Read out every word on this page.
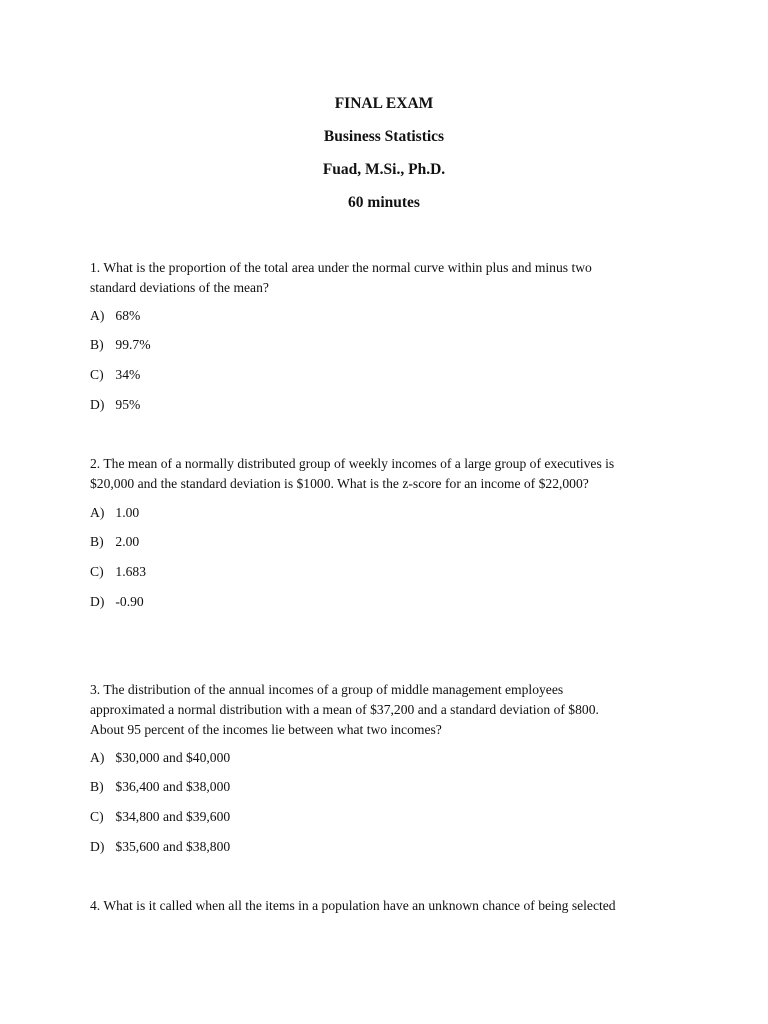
FINAL EXAM
Business Statistics
Fuad, M.Si., Ph.D.
60 minutes

1. What is the proportion of the total area under the normal curve within plus and minus two
standard deviations of the mean?

A) 68%
B) 99.7%
C) 34%
D) 95%

2. The mean of a normally distributed group of weekly incomes of a large group of executives is
$20,000 and the standard deviation is $1000. What is the z-score for an income of $22,000?

A) 1.00
B) 2.00
C) 1.683
D) -0.90

3. The distribution of the annual incomes of a group of middle management employees
approximated a normal distribution with a mean of $37,200 and a standard deviation of $800.
About 95 percent of the incomes lie between what two incomes?

A) $30,000 and $40,000
B) $36,400 and $38,000
C) $34,800 and $39,600
D) $35,600 and $38,800

4. What is it called when all the items in a population have an unknown chance of being selected
